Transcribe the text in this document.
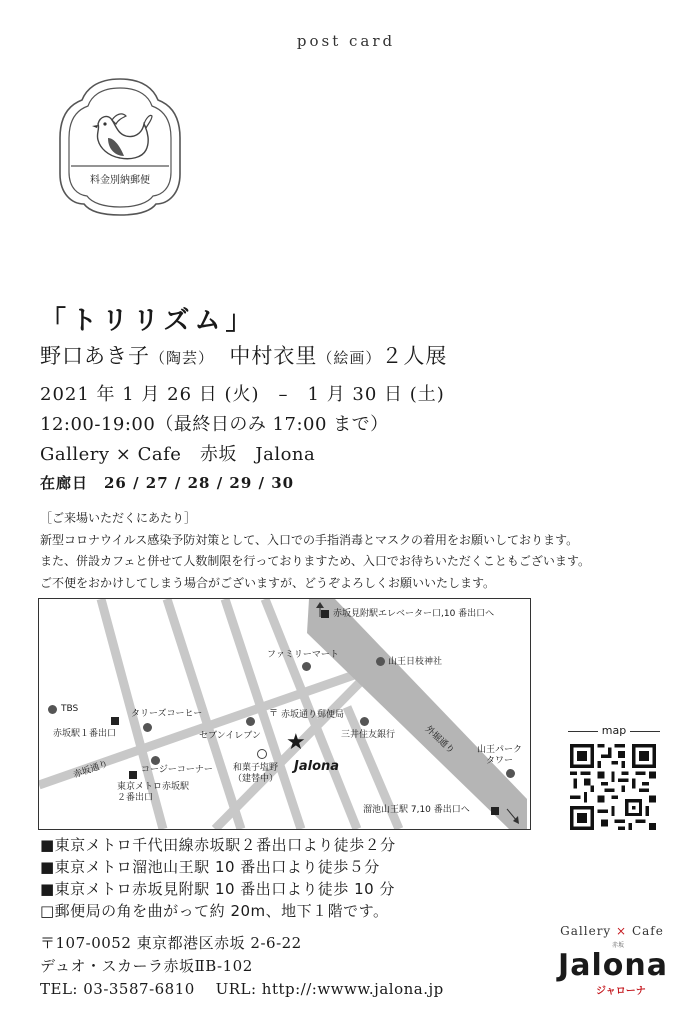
post card
料金別納郵便
「トリリズム」
野口あき子（陶芸） 中村衣里（絵画）２人展
2021 年 1 月 26 日 (火)　–　1 月 30 日 (土)
12:00-19:00（最終日のみ 17:00 まで）
Gallery × Cafe　赤坂　Jalona
在廊日　26 / 27 / 28 / 29 / 30
［ご来場いただくにあたり］
新型コロナウイルス感染予防対策として、入口での手指消毒とマスクの着用をお願いしております。
また、併設カフェと併せて人数制限を行っておりますため、入口でお待ちいただくこともございます。
ご不便をおかけしてしまう場合がございますが、どうぞよろしくお願いいたします。
赤坂見附駅エレベーター口,10 番出口へ
ファミリーマート
山王日枝神社
TBS
赤坂駅１番出口
タリーズコーヒー	〒 赤坂通り郵便局
セブンイレブン	三井住友銀行	外堀通り 山王パーク
タワー
赤坂通り	コージーコーナー
東京メトロ赤坂駅
２番出口
和菓子塩野
（建替中）
★
Jalona
溜池山王駅 7,10 番出口へ
map
■東京メトロ千代田線赤坂駅２番出口より徒歩２分
■東京メトロ溜池山王駅 10 番出口より徒歩５分
■東京メトロ赤坂見附駅 10 番出口より徒歩 10 分
□郵便局の角を曲がって約 20m、地下１階です。
〒107-0052 東京都港区赤坂 2-6-22
デュオ・スカーラ赤坂ⅡB-102
TEL: 03-3587-6810　 URL: http://:wwww.jalona.jp
Gallery × Cafe
赤坂
Jalona
ジャローナ
